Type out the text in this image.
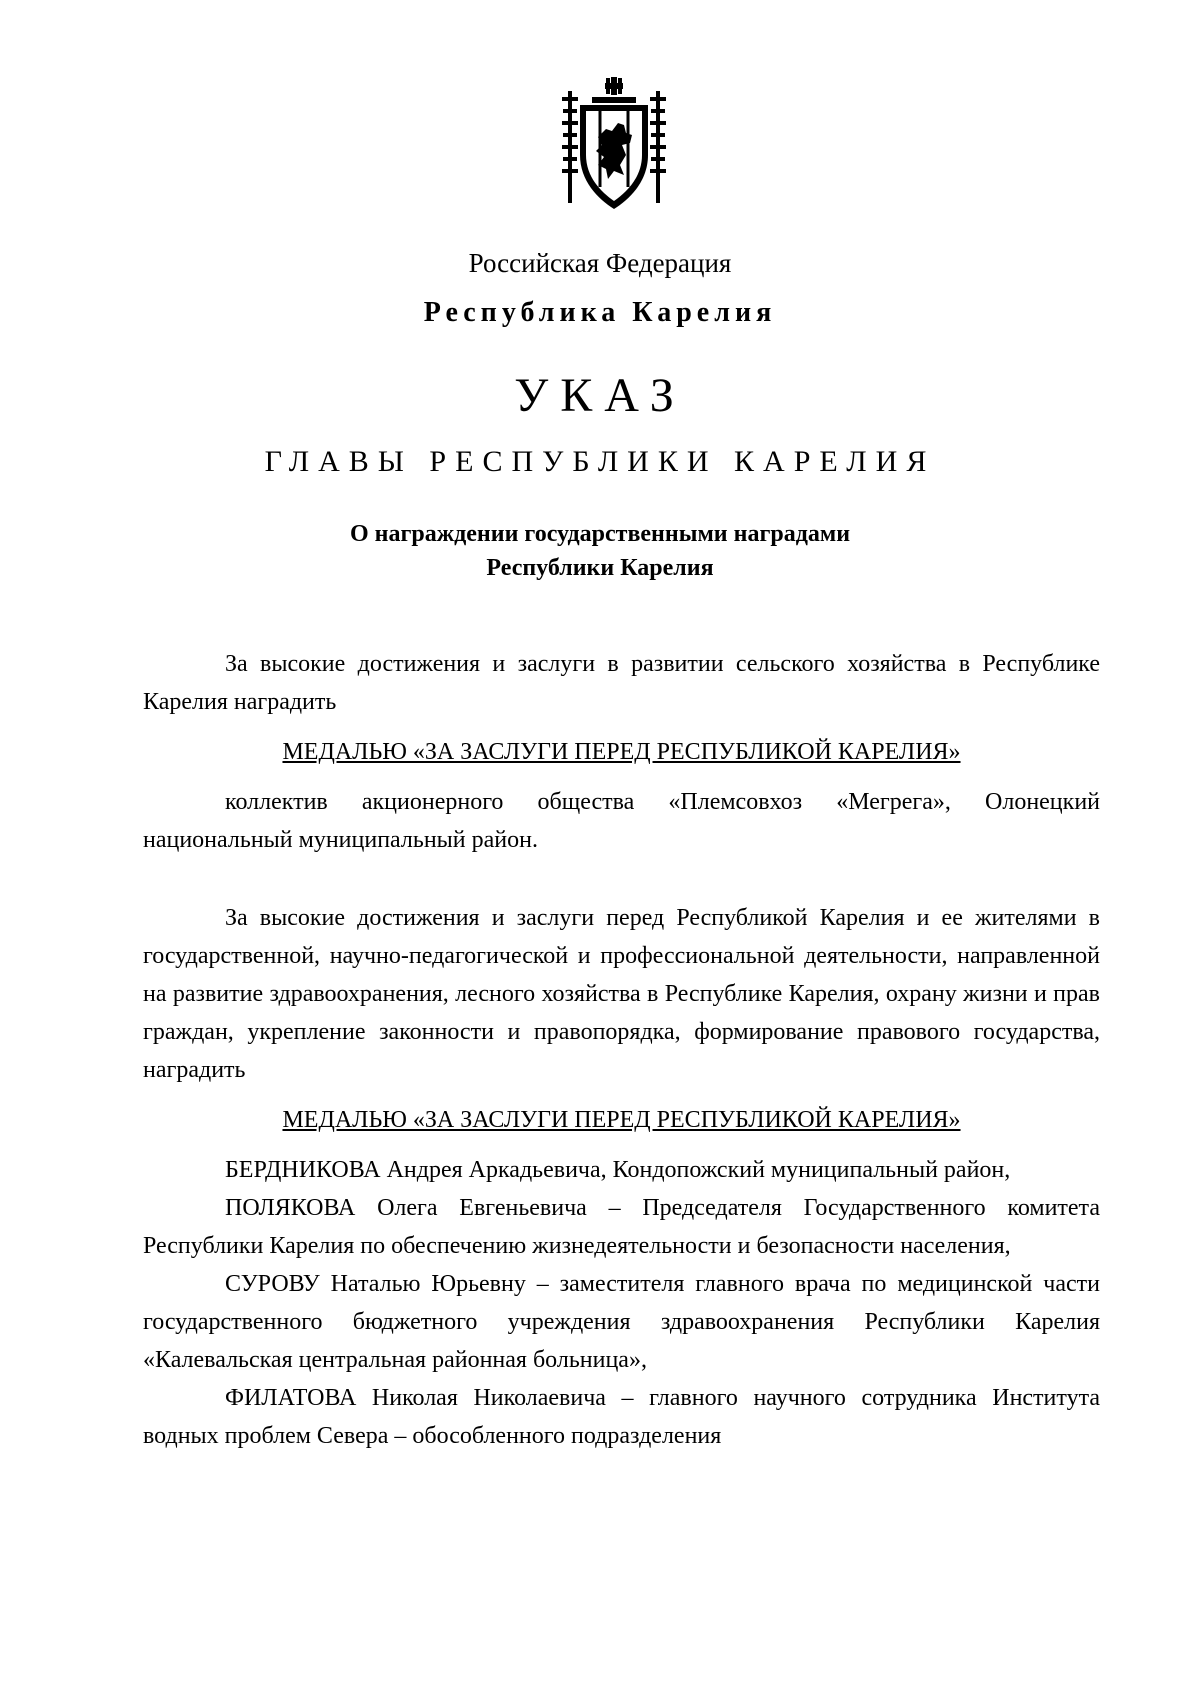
Российская Федерация
Республика Карелия
УКАЗ
ГЛАВЫ РЕСПУБЛИКИ КАРЕЛИЯ
О награждении государственными наградами
Республики Карелия

За высокие достижения и заслуги в развитии сельского хозяйства в Республике Карелия наградить

МЕДАЛЬЮ «ЗА ЗАСЛУГИ ПЕРЕД РЕСПУБЛИКОЙ КАРЕЛИЯ»

коллектив акционерного общества «Племсовхоз «Мегрега», Олонецкий национальный муниципальный район.

За высокие достижения и заслуги перед Республикой Карелия и ее жителями в государственной, научно-педагогической и профессиональной деятельности, направленной на развитие здравоохранения, лесного хозяйства в Республике Карелия, охрану жизни и прав граждан, укрепление законности и правопорядка, формирование правового государства, наградить

МЕДАЛЬЮ «ЗА ЗАСЛУГИ ПЕРЕД РЕСПУБЛИКОЙ КАРЕЛИЯ»

БЕРДНИКОВА Андрея Аркадьевича, Кондопожский муниципальный район,

ПОЛЯКОВА Олега Евгеньевича – Председателя Государственного комитета Республики Карелия по обеспечению жизнедеятельности и безопасности населения,

СУРОВУ Наталью Юрьевну – заместителя главного врача по медицинской части государственного бюджетного учреждения здравоохранения Республики Карелия «Калевальская центральная районная больница»,

ФИЛАТОВА Николая Николаевича – главного научного сотрудника Института водных проблем Севера – обособленного подразделения
